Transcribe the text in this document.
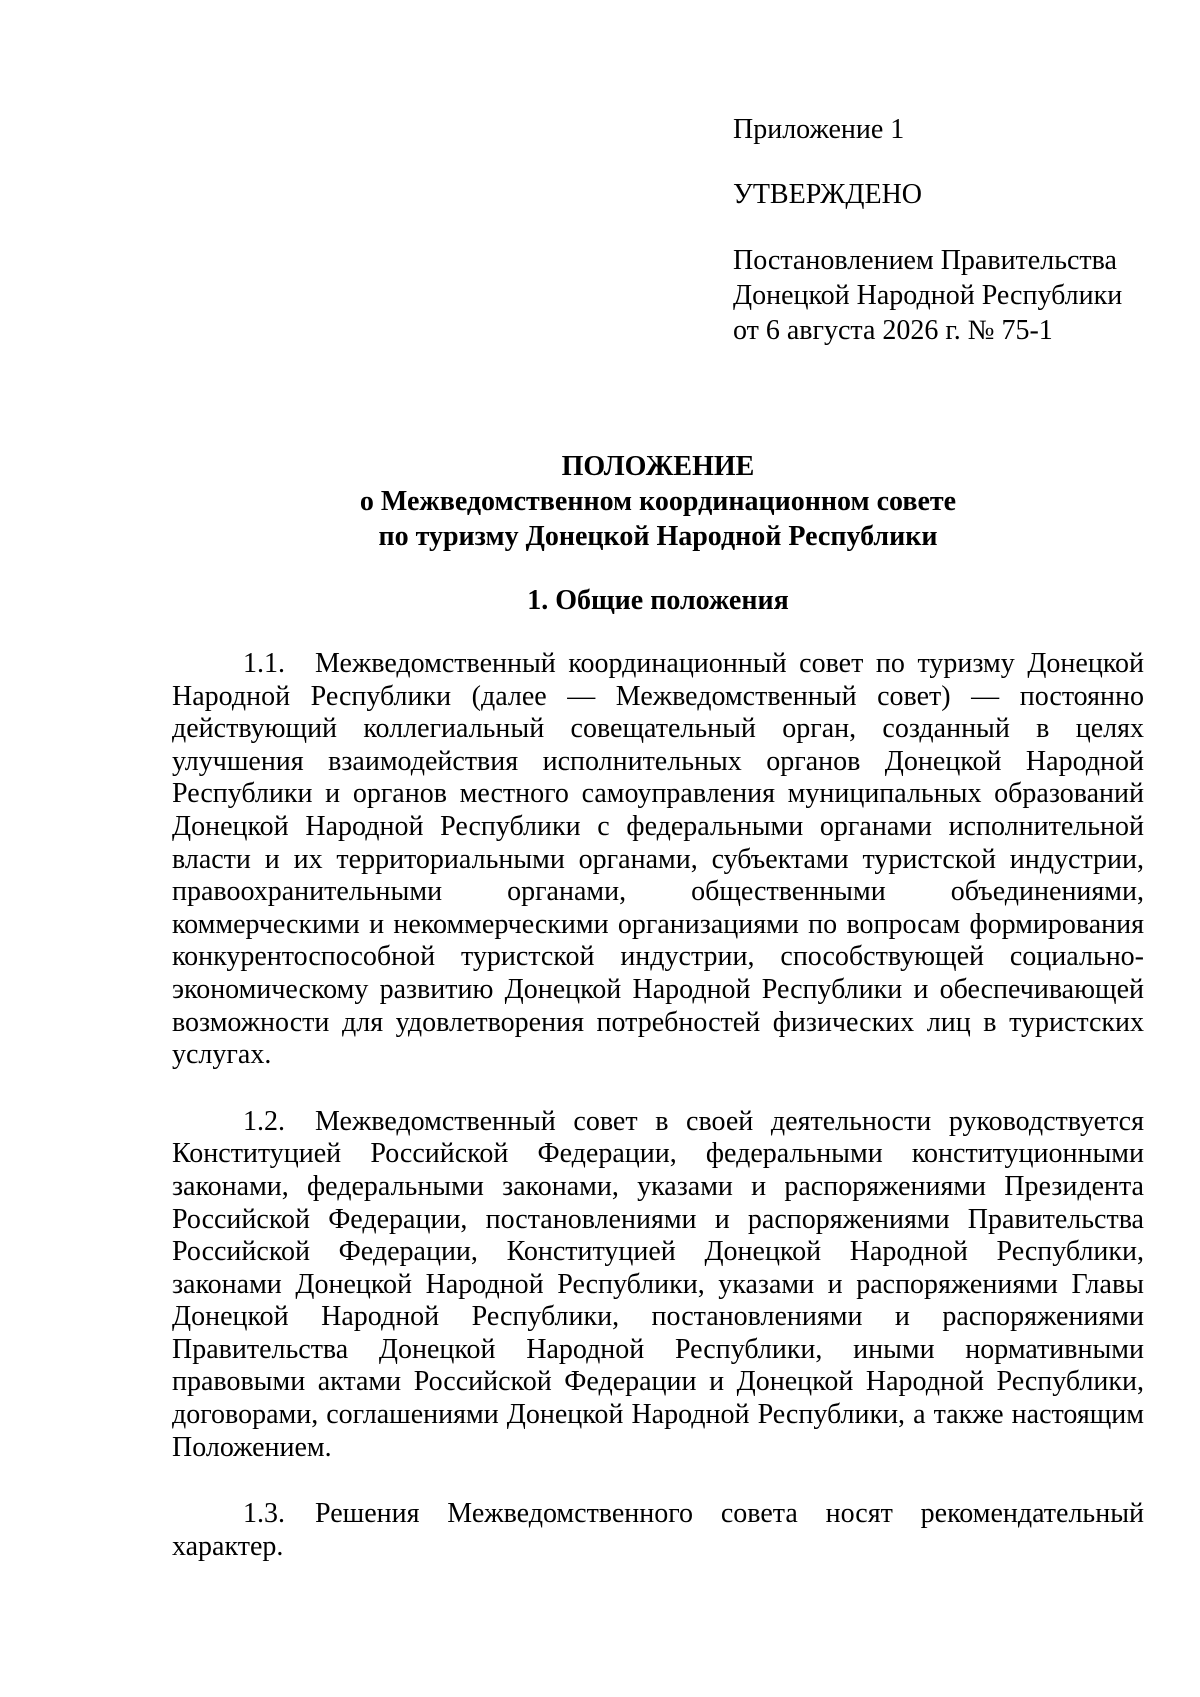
Приложение 1
УТВЕРЖДЕНО
Постановлением Правительства
Донецкой Народной Республики
от 6 августа 2026 г. № 75-1
ПОЛОЖЕНИЕ
о Межведомственном координационном совете
по туризму Донецкой Народной Республики
1. Общие положения

1.1. Межведомственный координационный совет по туризму Донецкой Народной Республики (далее — Межведомственный совет) — постоянно действующий коллегиальный совещательный орган, созданный в целях улучшения взаимодействия исполнительных органов Донецкой Народной Республики и органов местного самоуправления муниципальных образований Донецкой Народной Республики с федеральными органами исполнительной власти и их территориальными органами, субъектами туристской индустрии, правоохранительными органами, общественными объединениями, коммерческими и некоммерческими организациями по вопросам формирования конкурентоспособной туристской индустрии, способствующей социально-экономическому развитию Донецкой Народной Республики и обеспечивающей возможности для удовлетворения потребностей физических лиц в туристских услугах.

1.2. Межведомственный совет в своей деятельности руководствуется Конституцией Российской Федерации, федеральными конституционными законами, федеральными законами, указами и распоряжениями Президента Российской Федерации, постановлениями и распоряжениями Правительства Российской Федерации, Конституцией Донецкой Народной Республики, законами Донецкой Народной Республики, указами и распоряжениями Главы Донецкой Народной Республики, постановлениями и распоряжениями Правительства Донецкой Народной Республики, иными нормативными правовыми актами Российской Федерации и Донецкой Народной Республики, договорами, соглашениями Донецкой Народной Республики, а также настоящим Положением.

1.3. Решения Межведомственного совета носят рекомендательный характер.
